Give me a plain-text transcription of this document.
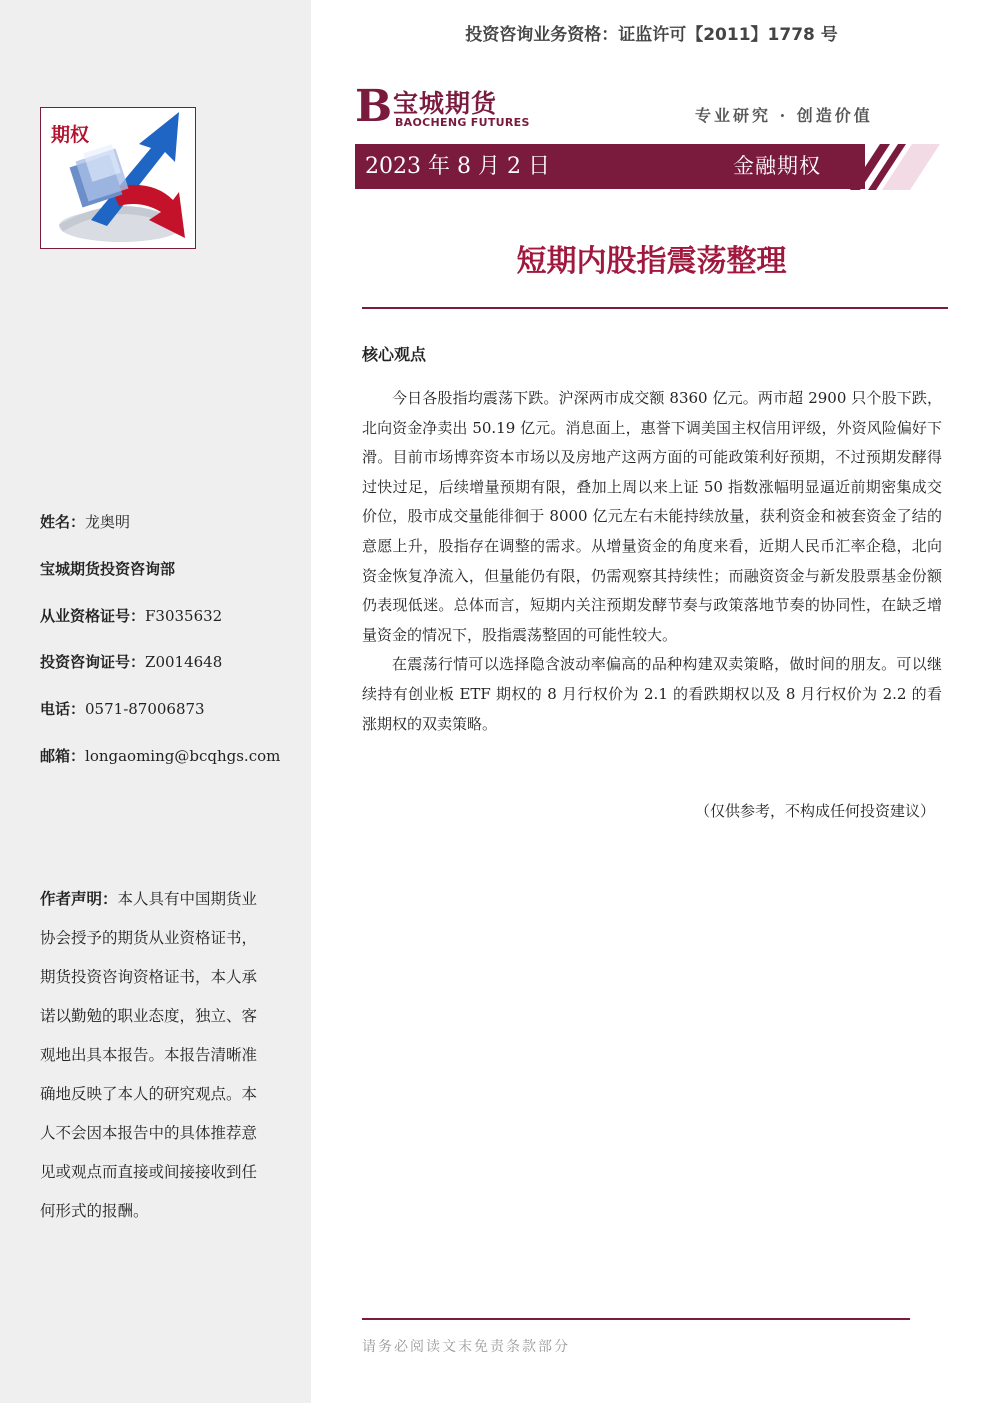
期权
姓名：龙奥明
宝城期货投资咨询部
从业资格证号：F3035632
投资咨询证号：Z0014648
电话：0571-87006873
邮箱：longaoming@bcqhgs.com
作者声明：本人具有中国期货业协会授予的期货从业资格证书，期货投资咨询资格证书，本人承诺以勤勉的职业态度，独立、客观地出具本报告。本报告清晰准确地反映了本人的研究观点。本人不会因本报告中的具体推荐意见或观点而直接或间接接收到任何形式的报酬。
投资咨询业务资格：证监许可【2011】1778 号
B 宝城期货
BAOCHENG FUTURES	专业研究 · 创造价值
2023 年 8 月 2 日	金融期权
短期内股指震荡整理
核心观点

今日各股指均震荡下跌。沪深两市成交额 8360 亿元。两市超 2900 只个股下跌，北向资金净卖出 50.19 亿元。消息面上，惠誉下调美国主权信用评级，外资风险偏好下滑。目前市场博弈资本市场以及房地产这两方面的可能政策利好预期，不过预期发酵得过快过足，后续增量预期有限，叠加上周以来上证 50 指数涨幅明显逼近前期密集成交价位，股市成交量能徘徊于 8000 亿元左右未能持续放量，获利资金和被套资金了结的意愿上升，股指存在调整的需求。从增量资金的角度来看，近期人民币汇率企稳，北向资金恢复净流入，但量能仍有限，仍需观察其持续性；而融资资金与新发股票基金份额仍表现低迷。总体而言，短期内关注预期发酵节奏与政策落地节奏的协同性，在缺乏增量资金的情况下，股指震荡整固的可能性较大。

在震荡行情可以选择隐含波动率偏高的品种构建双卖策略，做时间的朋友。可以继续持有创业板 ETF 期权的 8 月行权价为 2.1 的看跌期权以及 8 月行权价为 2.2 的看涨期权的双卖策略。

（仅供参考，不构成任何投资建议）
请务必阅读文末免责条款部分
